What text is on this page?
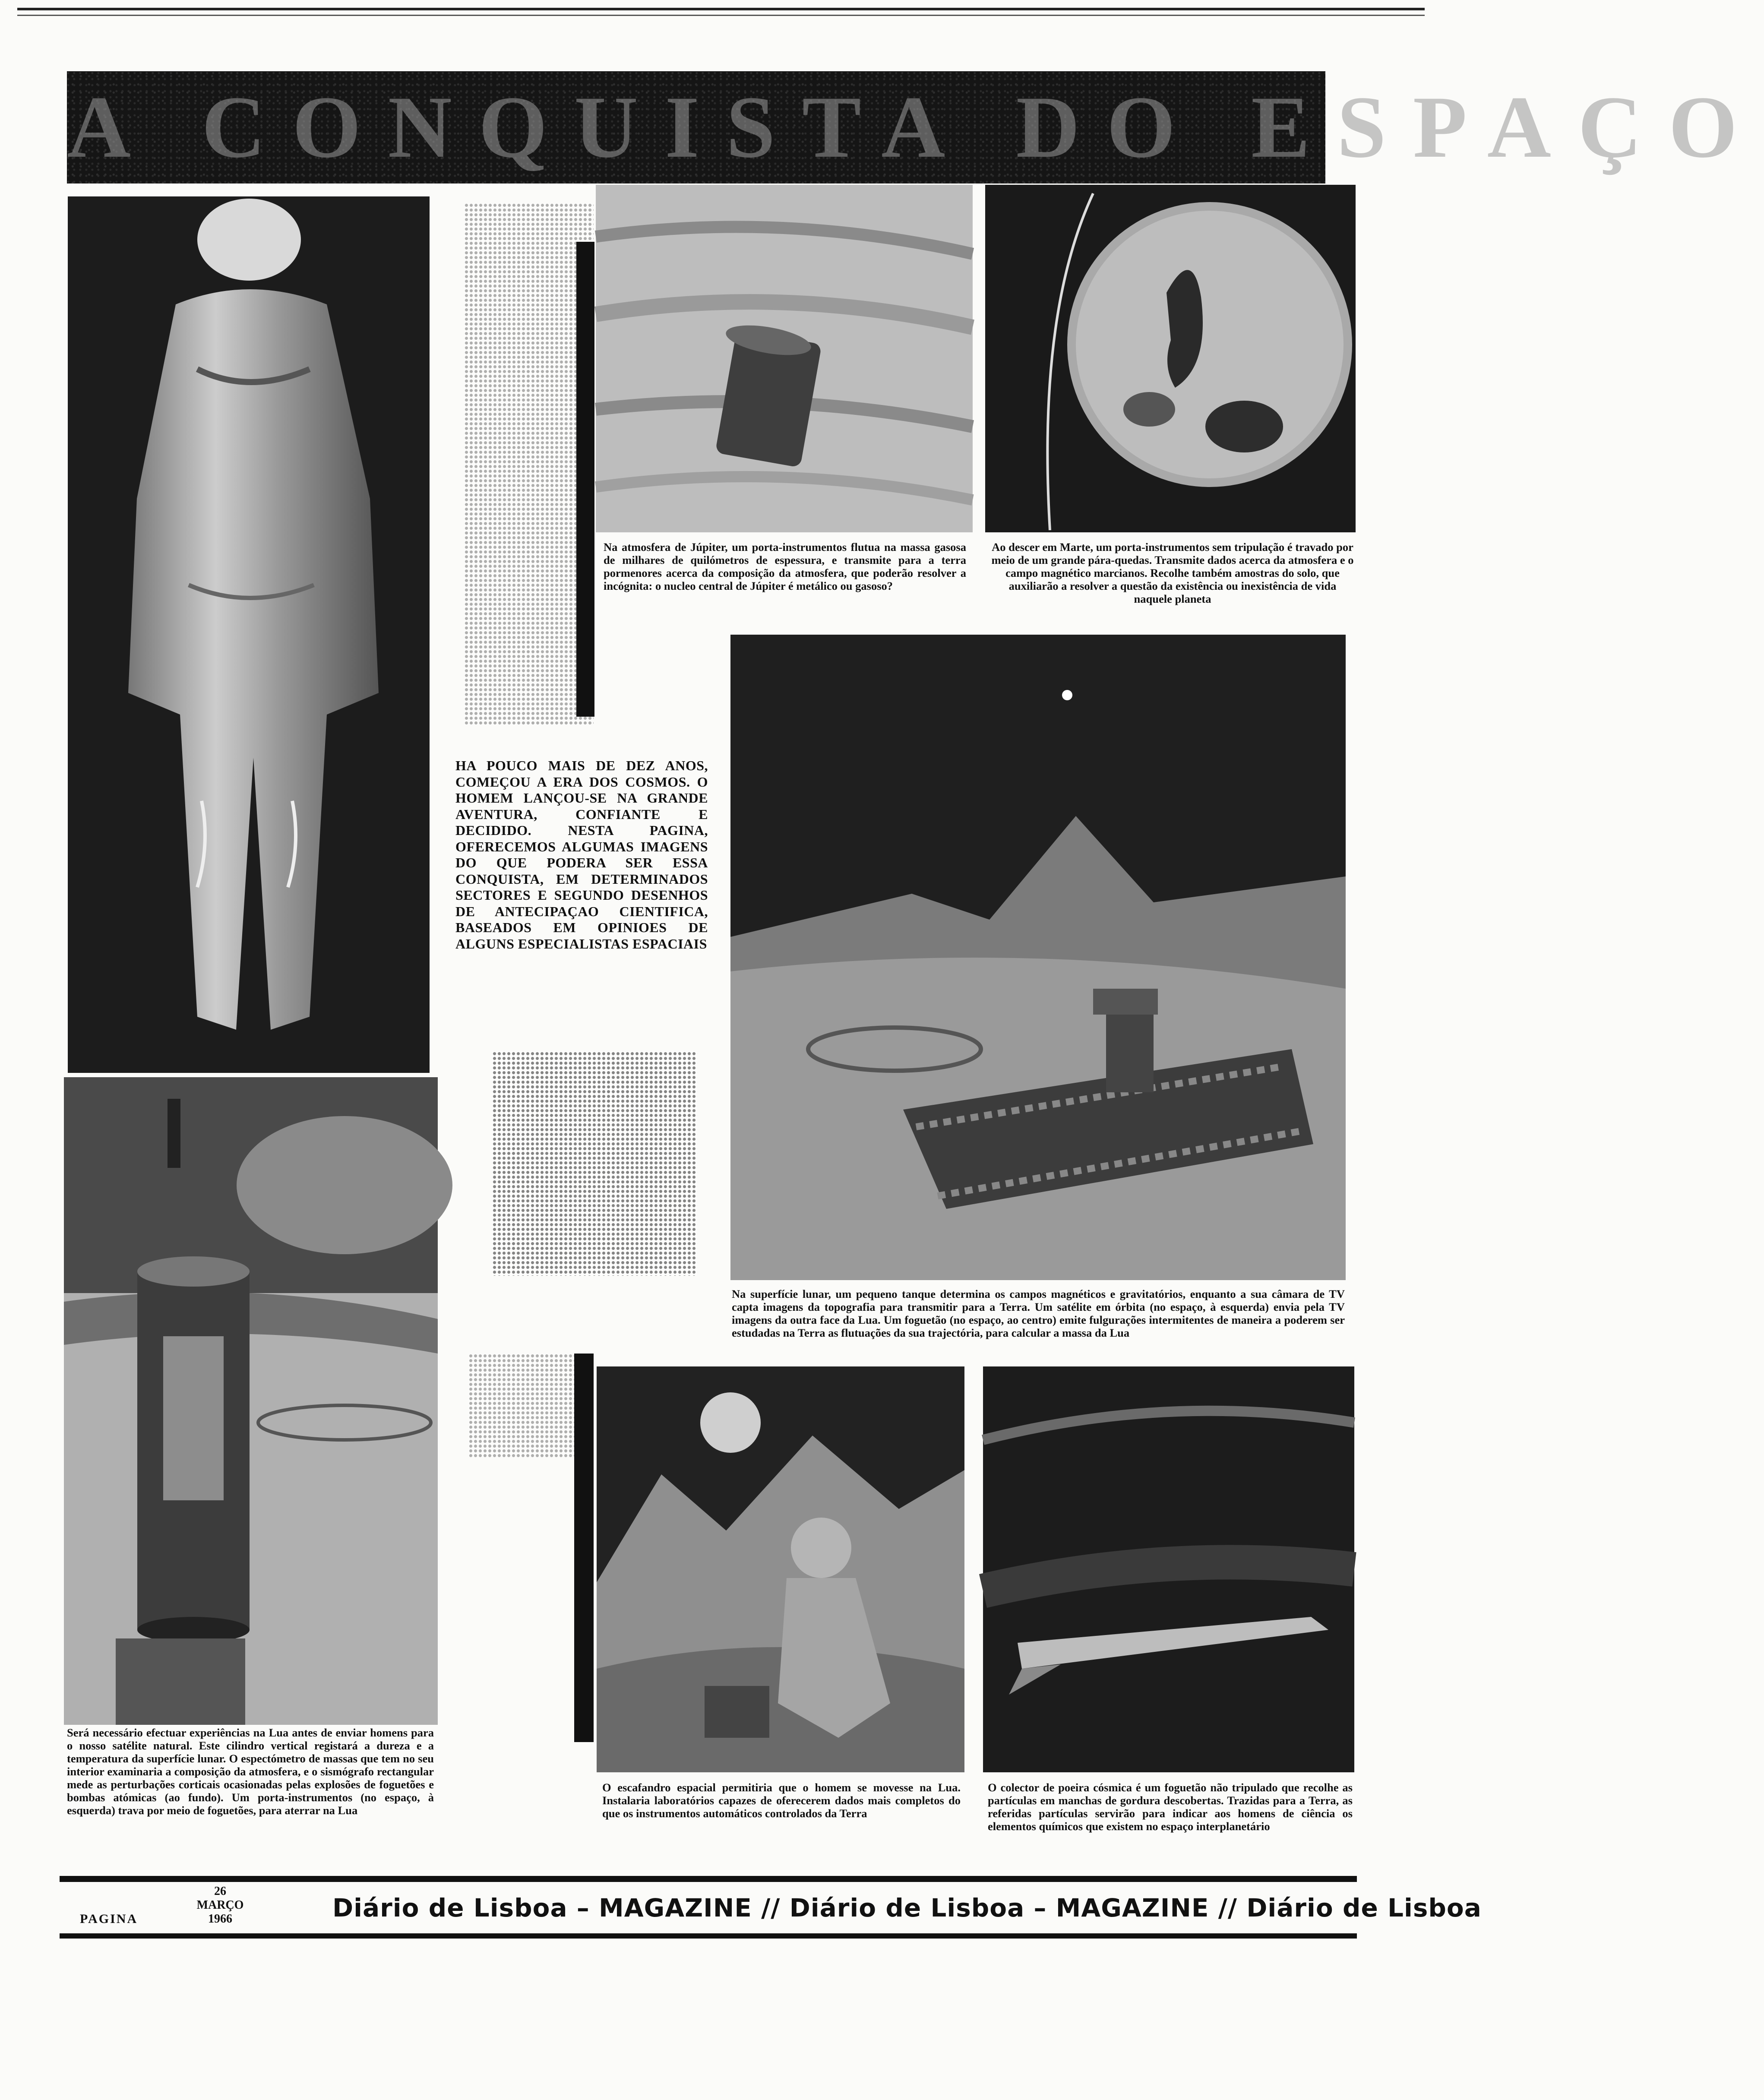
A CONQUISTA DO ESPAÇO
Será necessário efectuar experiências na Lua antes de enviar homens para o nosso satélite natural. Este cilindro vertical registará a dureza e a temperatura da superfície lunar. O espectómetro de massas que tem no seu interior examinaria a composição da atmosfera, e o sismógrafo rectangular mede as perturbações corticais ocasionadas pelas explosões de foguetões e bombas atómicas (ao fundo). Um porta-instrumentos (no espaço, à esquerda) trava por meio de foguetões, para aterrar na Lua
Na atmosfera de Júpiter, um porta-instrumentos flutua na massa gasosa de milhares de quilómetros de espessura, e transmite para a terra pormenores acerca da composição da atmosfera, que poderão resolver a incógnita: o nucleo central de Júpiter é metálico ou gasoso?
Ao descer em Marte, um porta-instrumentos sem tripulação é travado por meio de um grande pára-quedas. Transmite dados acerca da atmosfera e o campo magnético marcianos. Recolhe também amostras do solo, que auxiliarão a resolver a questão da existência ou inexistência de vida naquele planeta
HA POUCO MAIS DE DEZ ANOS, COMEÇOU A ERA DOS COSMOS. O HOMEM LANÇOU-SE NA GRANDE AVENTURA, CONFIANTE E DECIDIDO. NESTA PAGINA, OFERECEMOS ALGUMAS IMAGENS DO QUE PODERA SER ESSA CONQUISTA, EM DETERMINADOS SECTORES E SEGUNDO DESENHOS DE ANTECIPAÇAO CIENTIFICA, BASEADOS EM OPINIOES DE ALGUNS ESPECIALISTAS ESPACIAIS
Na superfície lunar, um pequeno tanque determina os campos magnéticos e gravitatórios, enquanto a sua câmara de TV capta imagens da topografia para transmitir para a Terra. Um satélite em órbita (no espaço, à esquerda) envia pela TV imagens da outra face da Lua. Um foguetão (no espaço, ao centro) emite fulgurações intermitentes de maneira a poderem ser estudadas na Terra as flutuações da sua trajectória, para calcular a massa da Lua
O escafandro espacial permitiria que o homem se movesse na Lua. Instalaria laboratórios capazes de oferecerem dados mais completos do que os instrumentos automáticos controlados da Terra
O colector de poeira cósmica é um foguetão não tripulado que recolhe as partículas em manchas de gordura descobertas. Trazidas para a Terra, as referidas partículas servirão para indicar aos homens de ciência os elementos químicos que existem no espaço interplanetário
PAGINA
26
MARÇO
1966	Diário de Lisboa – MAGAZINE // Diário de Lisboa – MAGAZINE // Diário de Lisboa
